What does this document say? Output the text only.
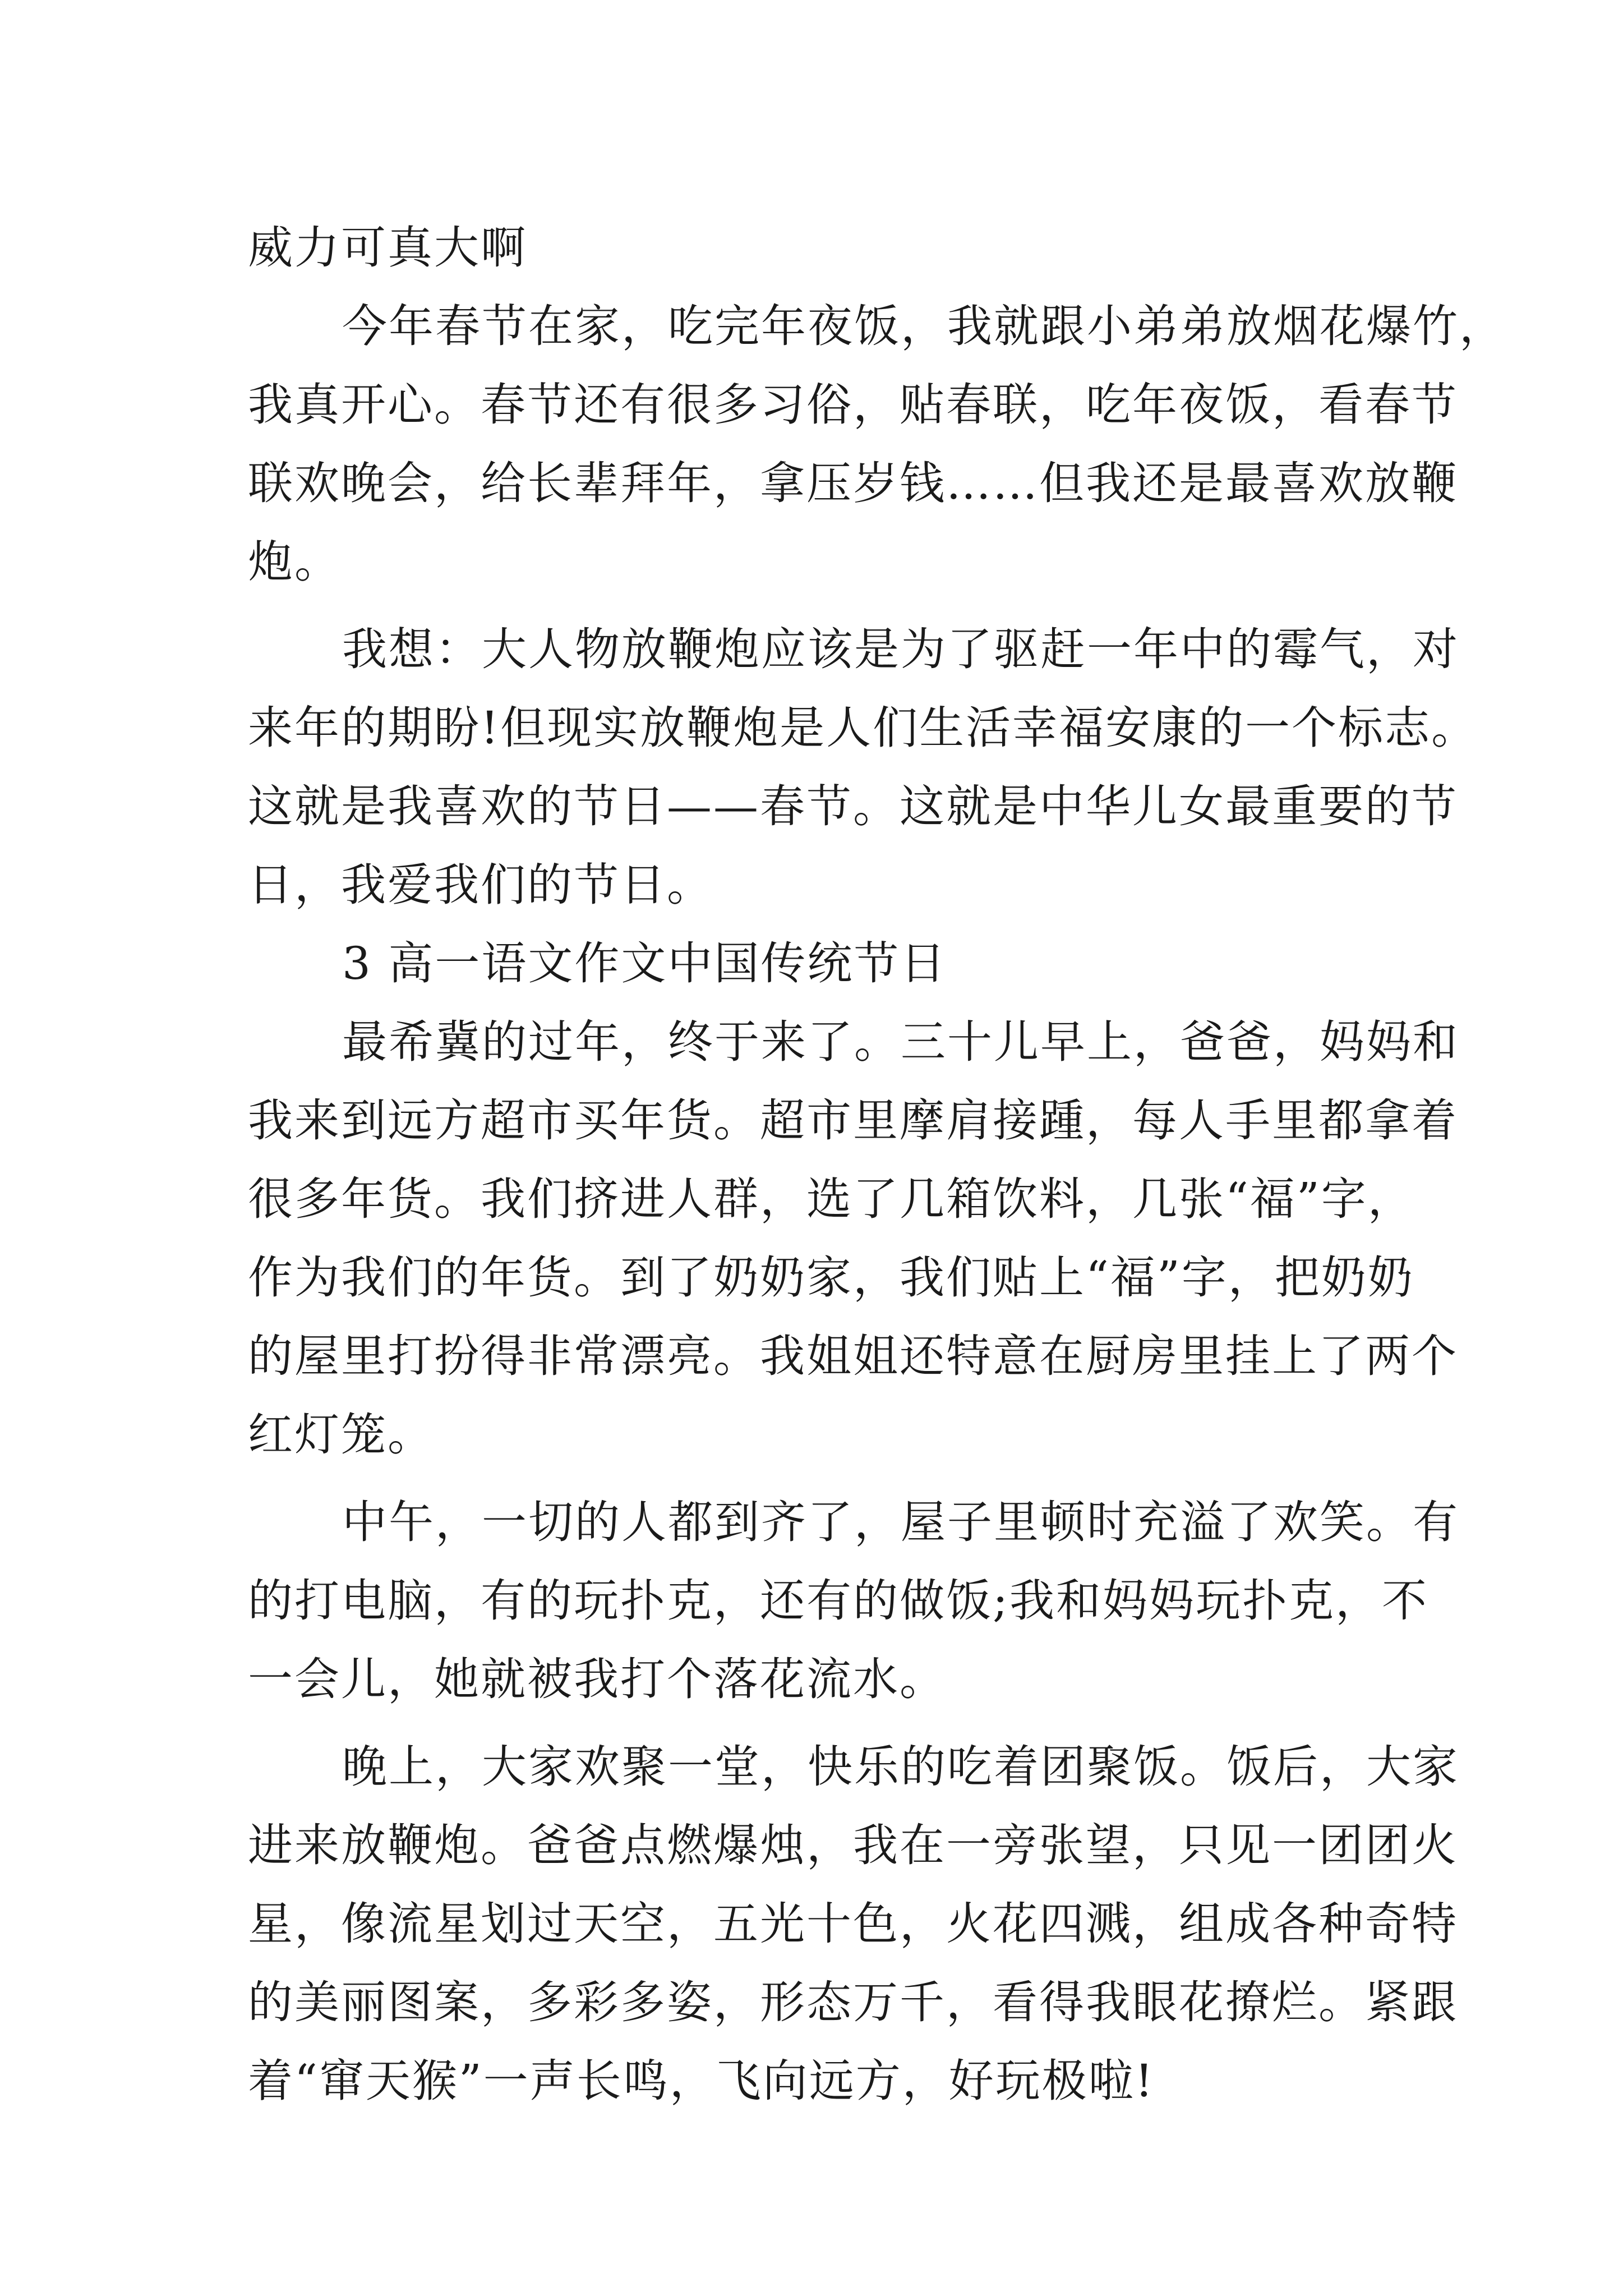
威力可真大啊
今年春节在家，吃完年夜饭，我就跟小弟弟放烟花爆竹，
我真开心。春节还有很多习俗，贴春联，吃年夜饭，看春节
联欢晚会，给长辈拜年，拿压岁钱……但我还是最喜欢放鞭
炮。
我想：大人物放鞭炮应该是为了驱赶一年中的霉气，对
来年的期盼!但现实放鞭炮是人们生活幸福安康的一个标志。
这就是我喜欢的节日——春节。这就是中华儿女最重要的节
日，我爱我们的节日。
3 高一语文作文中国传统节日
最希冀的过年，终于来了。三十儿早上，爸爸，妈妈和
我来到远方超市买年货。超市里摩肩接踵，每人手里都拿着
很多年货。我们挤进人群，选了几箱饮料，几张“福”字，
作为我们的年货。到了奶奶家，我们贴上“福”字，把奶奶
的屋里打扮得非常漂亮。我姐姐还特意在厨房里挂上了两个
红灯笼。
中午，一切的人都到齐了，屋子里顿时充溢了欢笑。有
的打电脑，有的玩扑克，还有的做饭;我和妈妈玩扑克，不
一会儿，她就被我打个落花流水。
晚上，大家欢聚一堂，快乐的吃着团聚饭。饭后，大家
进来放鞭炮。爸爸点燃爆烛，我在一旁张望，只见一团团火
星，像流星划过天空，五光十色，火花四溅，组成各种奇特
的美丽图案，多彩多姿，形态万千，看得我眼花撩烂。紧跟
着“窜天猴”一声长鸣，飞向远方，好玩极啦!
